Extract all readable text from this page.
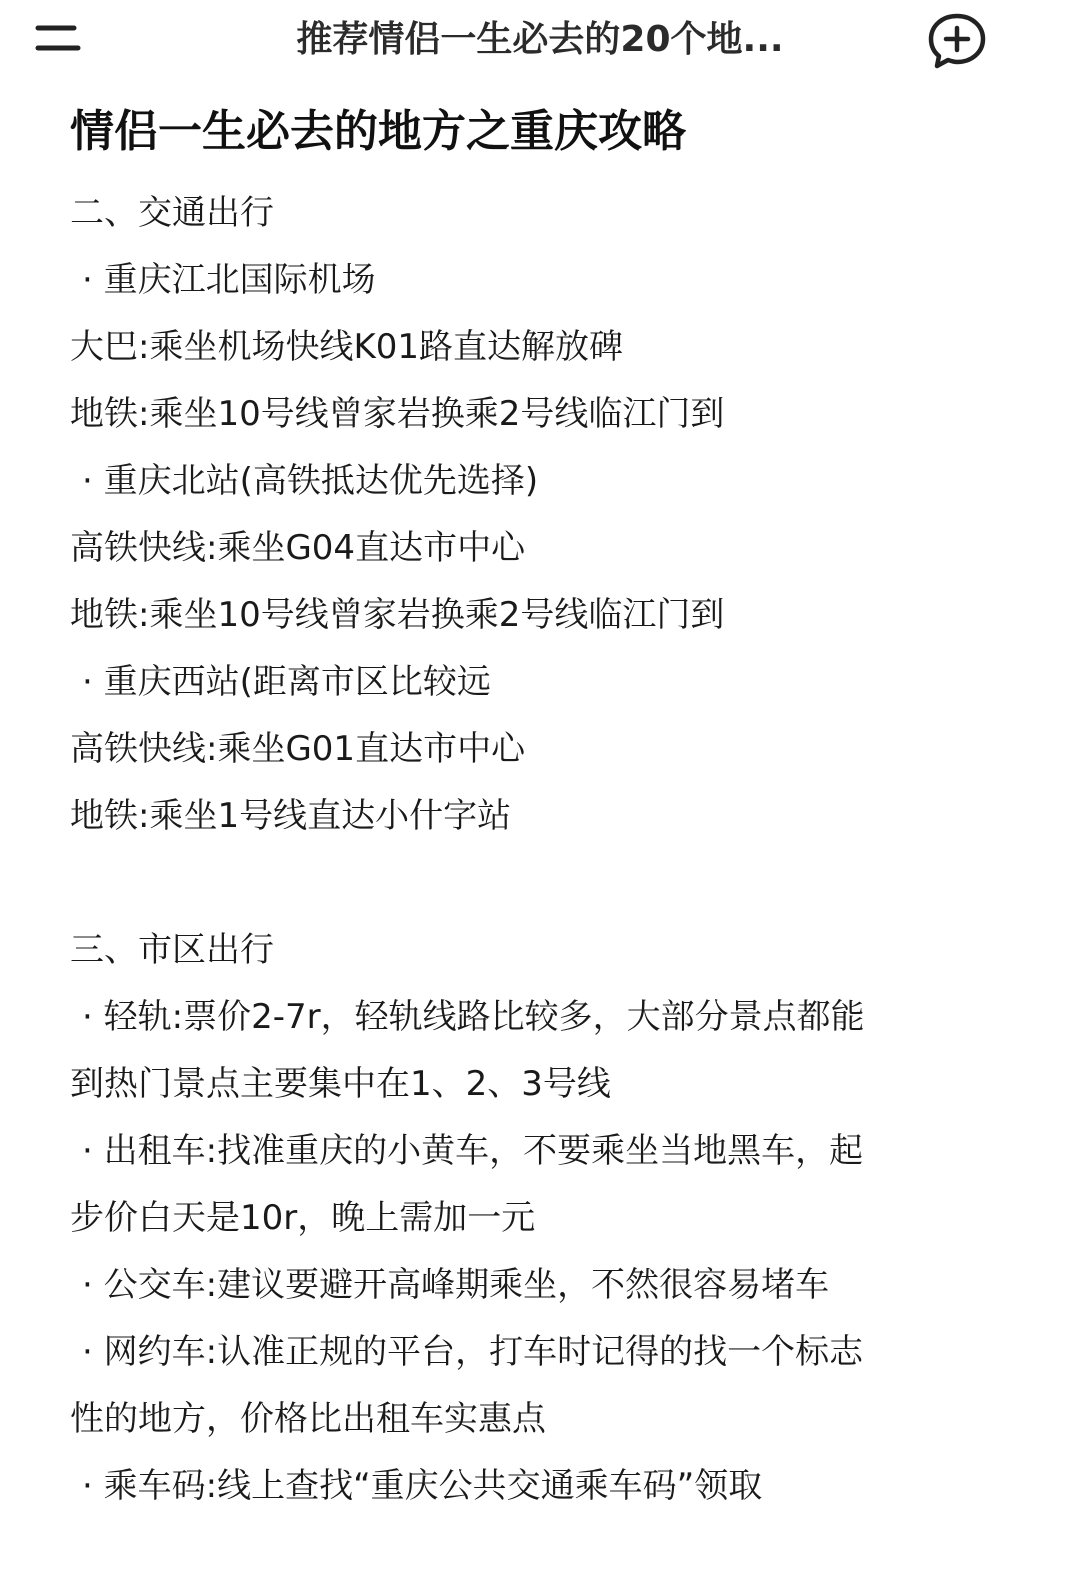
推荐情侣一生必去的20个地...
情侣一生必去的地方之重庆攻略
二、交通出行
· 重庆江北国际机场
大巴:乘坐机场快线K01路直达解放碑
地铁:乘坐10号线曾家岩换乘2号线临江门到
· 重庆北站(高铁抵达优先选择)
高铁快线:乘坐G04直达市中心
地铁:乘坐10号线曾家岩换乘2号线临江门到
· 重庆西站(距离市区比较远
高铁快线:乘坐G01直达市中心
地铁:乘坐1号线直达小什字站
三、市区出行
· 轻轨:票价2-7r，轻轨线路比较多，大部分景点都能
到热门景点主要集中在1、2、3号线
· 出租车:找准重庆的小黄车，不要乘坐当地黑车，起
步价白天是10r，晚上需加一元
· 公交车:建议要避开高峰期乘坐，不然很容易堵车
· 网约车:认准正规的平台，打车时记得的找一个标志
性的地方，价格比出租车实惠点
· 乘车码:线上查找“重庆公共交通乘车码”领取
